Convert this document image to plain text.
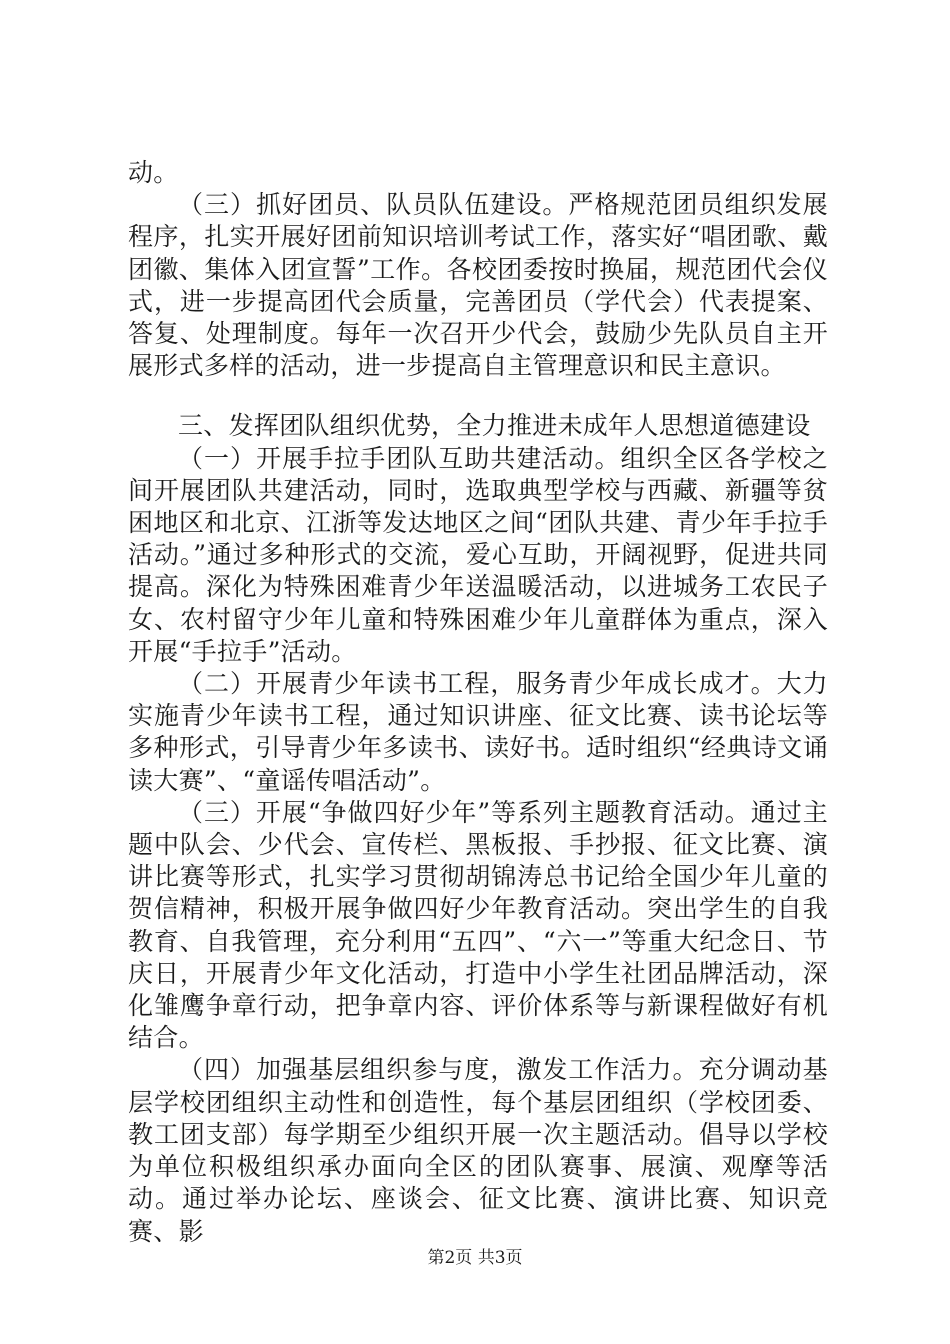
动。

（三）抓好团员、队员队伍建设。严格规范团员组织发展程序，扎实开展好团前知识培训考试工作，落实好“唱团歌、戴团徽、集体入团宣誓”工作。各校团委按时换届，规范团代会仪式，进一步提高团代会质量，完善团员（学代会）代表提案、答复、处理制度。每年一次召开少代会，鼓励少先队员自主开展形式多样的活动，进一步提高自主管理意识和民主意识。

三、发挥团队组织优势，全力推进未成年人思想道德建设

（一）开展手拉手团队互助共建活动。组织全区各学校之间开展团队共建活动，同时，选取典型学校与西藏、新疆等贫困地区和北京、江浙等发达地区之间“团队共建、青少年手拉手活动。”通过多种形式的交流，爱心互助，开阔视野，促进共同提高。深化为特殊困难青少年送温暖活动，以进城务工农民子女、农村留守少年儿童和特殊困难少年儿童群体为重点，深入开展“手拉手”活动。

（二）开展青少年读书工程，服务青少年成长成才。大力实施青少年读书工程，通过知识讲座、征文比赛、读书论坛等多种形式，引导青少年多读书、读好书。适时组织“经典诗文诵读大赛”、“童谣传唱活动”。

（三）开展“争做四好少年”等系列主题教育活动。通过主题中队会、少代会、宣传栏、黑板报、手抄报、征文比赛、演讲比赛等形式，扎实学习贯彻胡锦涛总书记给全国少年儿童的贺信精神，积极开展争做四好少年教育活动。突出学生的自我教育、自我管理，充分利用“五四”、“六一”等重大纪念日、节庆日，开展青少年文化活动，打造中小学生社团品牌活动，深化雏鹰争章行动，把争章内容、评价体系等与新课程做好有机结合。

（四）加强基层组织参与度，激发工作活力。充分调动基层学校团组织主动性和创造性，每个基层团组织（学校团委、教工团支部）每学期至少组织开展一次主题活动。倡导以学校为单位积极组织承办面向全区的团队赛事、展演、观摩等活动。通过举办论坛、座谈会、征文比赛、演讲比赛、知识竞赛、影

第2页 共3页
